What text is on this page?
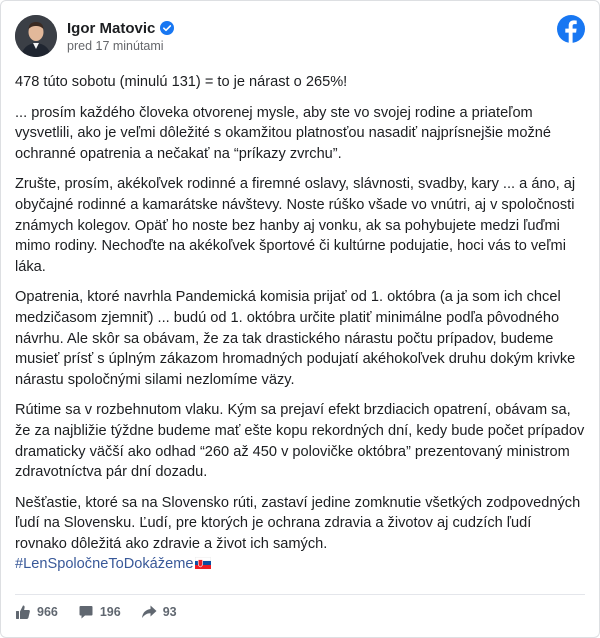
Igor Matovic
pred 17 minútami

478 túto sobotu (minulú 131) = to je nárast o 265%!

... prosím každého človeka otvorenej mysle, aby ste vo svojej rodine a priateľom vysvetlili, ako je veľmi dôležité s okamžitou platnosťou nasadiť najprísnejšie možné ochranné opatrenia a nečakať na “príkazy zvrchu”.

Zrušte, prosím, akékoľvek rodinné a firemné oslavy, slávnosti, svadby, kary ... a áno, aj obyčajné rodinné a kamarátske návštevy. Noste rúško všade vo vnútri, aj v spoločnosti známych kolegov. Opäť ho noste bez hanby aj vonku, ak sa pohybujete medzi ľuďmi mimo rodiny. Nechoďte na akékoľvek športové či kultúrne podujatie, hoci vás to veľmi láka.

Opatrenia, ktoré navrhla Pandemická komisia prijať od 1. októbra (a ja som ich chcel medzičasom zjemniť) ... budú od 1. októbra určite platiť minimálne podľa pôvodného návrhu. Ale skôr sa obávam, že za tak drastického nárastu počtu prípadov, budeme musieť prísť s úplným zákazom hromadných podujatí akéhokoľvek druhu dokým krivke nárastu spoločnými silami nezlomíme väzy.

Rútime sa v rozbehnutom vlaku. Kým sa prejaví efekt brzdiacich opatrení, obávam sa, že za najbližie týždne budeme mať ešte kopu rekordných dní, kedy bude počet prípadov dramaticky väčší ako odhad “260 až 450 v polovičke októbra” prezentovaný ministrom zdravotníctva pár dní dozadu.

Nešťastie, ktoré sa na Slovensko rúti, zastaví jedine zomknutie všetkých zodpovedných ľudí na Slovensku. Ľudí, pre ktorých je ochrana zdravia a životov aj cudzích ľudí rovnako dôležitá ako zdravie a život ich samých.
#LenSpoločneToDokážeme

966	196	93
